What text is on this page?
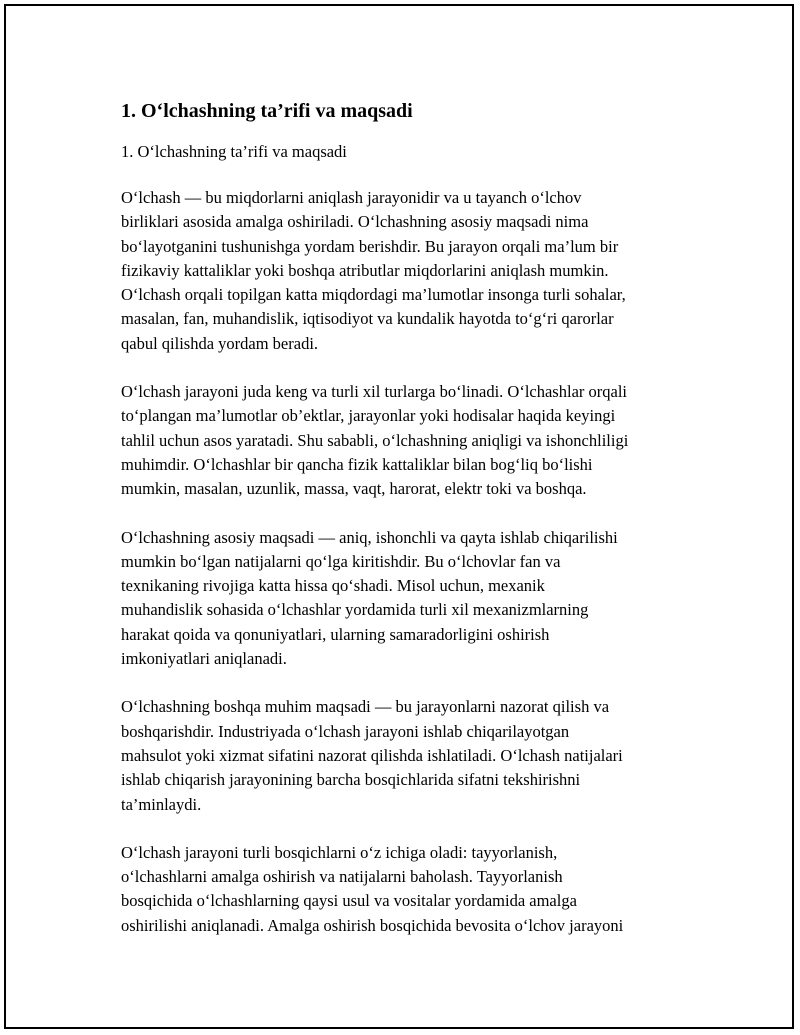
1. O‘lchashning ta’rifi va maqsadi
1. O‘lchashning ta’rifi va maqsadi
O‘lchash — bu miqdorlarni aniqlash jarayonidir va u tayanch o‘lchov
birliklari asosida amalga oshiriladi. O‘lchashning asosiy maqsadi nima
bo‘layotganini tushunishga yordam berishdir. Bu jarayon orqali ma’lum bir
fizikaviy kattaliklar yoki boshqa atributlar miqdorlarini aniqlash mumkin.
O‘lchash orqali topilgan katta miqdordagi ma’lumotlar insonga turli sohalar,
masalan, fan, muhandislik, iqtisodiyot va kundalik hayotda to‘g‘ri qarorlar
qabul qilishda yordam beradi.
O‘lchash jarayoni juda keng va turli xil turlarga bo‘linadi. O‘lchashlar orqali
to‘plangan ma’lumotlar ob’ektlar, jarayonlar yoki hodisalar haqida keyingi
tahlil uchun asos yaratadi. Shu sababli, o‘lchashning aniqligi va ishonchliligi
muhimdir. O‘lchashlar bir qancha fizik kattaliklar bilan bog‘liq bo‘lishi
mumkin, masalan, uzunlik, massa, vaqt, harorat, elektr toki va boshqa.
O‘lchashning asosiy maqsadi — aniq, ishonchli va qayta ishlab chiqarilishi
mumkin bo‘lgan natijalarni qo‘lga kiritishdir. Bu o‘lchovlar fan va
texnikaning rivojiga katta hissa qo‘shadi. Misol uchun, mexanik
muhandislik sohasida o‘lchashlar yordamida turli xil mexanizmlarning
harakat qoida va qonuniyatlari, ularning samaradorligini oshirish
imkoniyatlari aniqlanadi.
O‘lchashning boshqa muhim maqsadi — bu jarayonlarni nazorat qilish va
boshqarishdir. Industriyada o‘lchash jarayoni ishlab chiqarilayotgan
mahsulot yoki xizmat sifatini nazorat qilishda ishlatiladi. O‘lchash natijalari
ishlab chiqarish jarayonining barcha bosqichlarida sifatni tekshirishni
ta’minlaydi.
O‘lchash jarayoni turli bosqichlarni o‘z ichiga oladi: tayyorlanish,
o‘lchashlarni amalga oshirish va natijalarni baholash. Tayyorlanish
bosqichida o‘lchashlarning qaysi usul va vositalar yordamida amalga
oshirilishi aniqlanadi. Amalga oshirish bosqichida bevosita o‘lchov jarayoni
